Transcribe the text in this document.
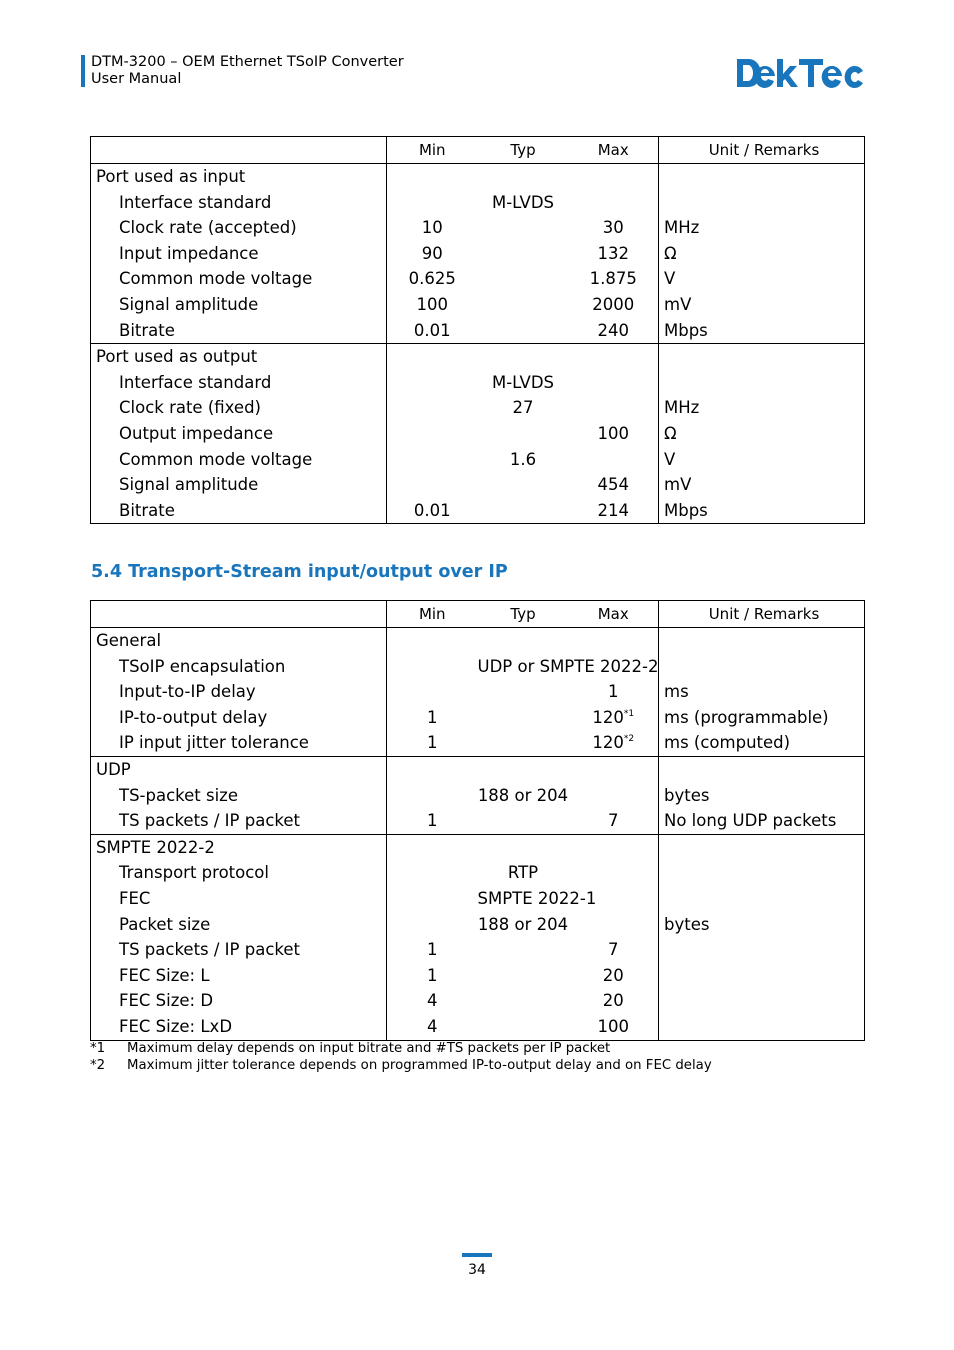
DTM-3200 – OEM Ethernet TSoIP Converter
User Manual
	Min	Typ	Max	Unit / Remarks
Port used as input				
Interface standard		M-LVDS		
Clock rate (accepted)	10		30	MHz
Input impedance	90		132	Ω
Common mode voltage	0.625		1.875	V
Signal amplitude	100		2000	mV
Bitrate	0.01		240	Mbps
Port used as output				
Interface standard		M-LVDS		
Clock rate (fixed)		27		MHz
Output impedance			100	Ω
Common mode voltage		1.6		V
Signal amplitude			454	mV
Bitrate	0.01		214	Mbps
5.4 Transport-Stream input/output over IP
	Min	Typ	Max	Unit / Remarks
General				
TSoIP encapsulation		UDP or SMPTE 2022-2		
Input-to-IP delay			1	ms
IP-to-output delay	1		120$^{*1}$	ms (programmable)
IP input jitter tolerance	1		120$^{*2}$	ms (computed)
UDP				
TS-packet size		188 or 204		bytes
TS packets / IP packet	1		7	No long UDP packets
SMPTE 2022-2				
Transport protocol		RTP		
FEC		SMPTE 2022-1		
Packet size		188 or 204		bytes
TS packets / IP packet	1		7	
FEC Size: L	1		20	
FEC Size: D	4		20	
FEC Size: LxD	4		100	
*1 Maximum delay depends on input bitrate and #TS packets per IP packet
*2 Maximum jitter tolerance depends on programmed IP-to-output delay and on FEC delay
34
